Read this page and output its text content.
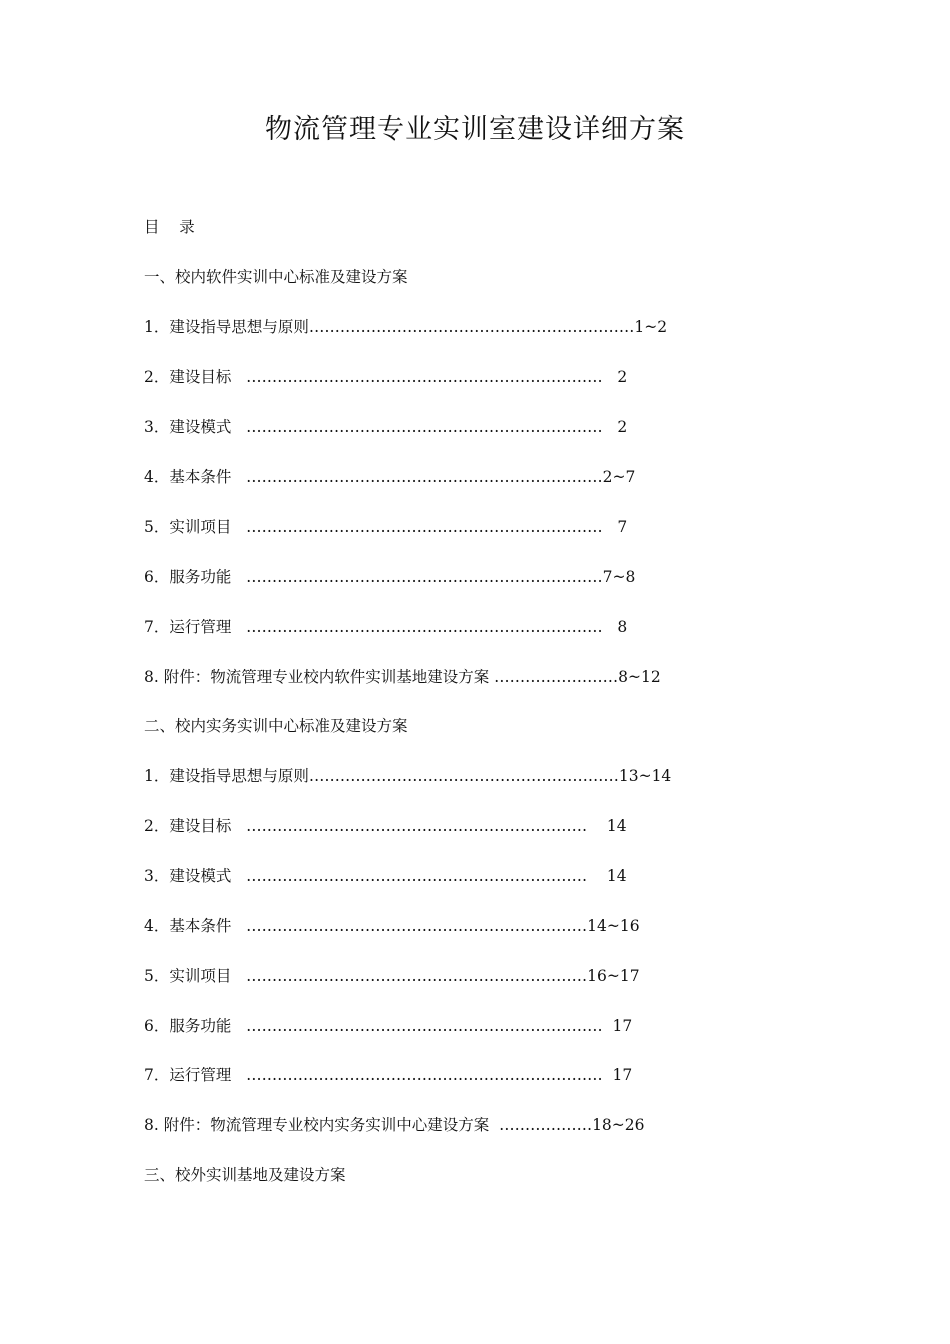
物流管理专业实训室建设详细方案
目    录
一、校内软件实训中心标准及建设方案
1．建设指导思想与原则………………………………………………………1~2
2．建设目标   ……………………………………………………………   2
3．建设模式   ……………………………………………………………   2
4．基本条件   ……………………………………………………………2~7
5．实训项目   ……………………………………………………………   7
6．服务功能   ……………………………………………………………7~8
7．运行管理   ……………………………………………………………   8
8. 附件：物流管理专业校内软件实训基地建设方案 ……………………8~12
二、校内实务实训中心标准及建设方案
1．建设指导思想与原则……………………………………………………13~14
2．建设目标   …………………………………………………………    14
3．建设模式   …………………………………………………………    14
4．基本条件   …………………………………………………………14~16
5．实训项目   …………………………………………………………16~17
6．服务功能   ……………………………………………………………  17
7．运行管理   ……………………………………………………………  17
8. 附件：物流管理专业校内实务实训中心建设方案  ………………18~26
三、校外实训基地及建设方案
